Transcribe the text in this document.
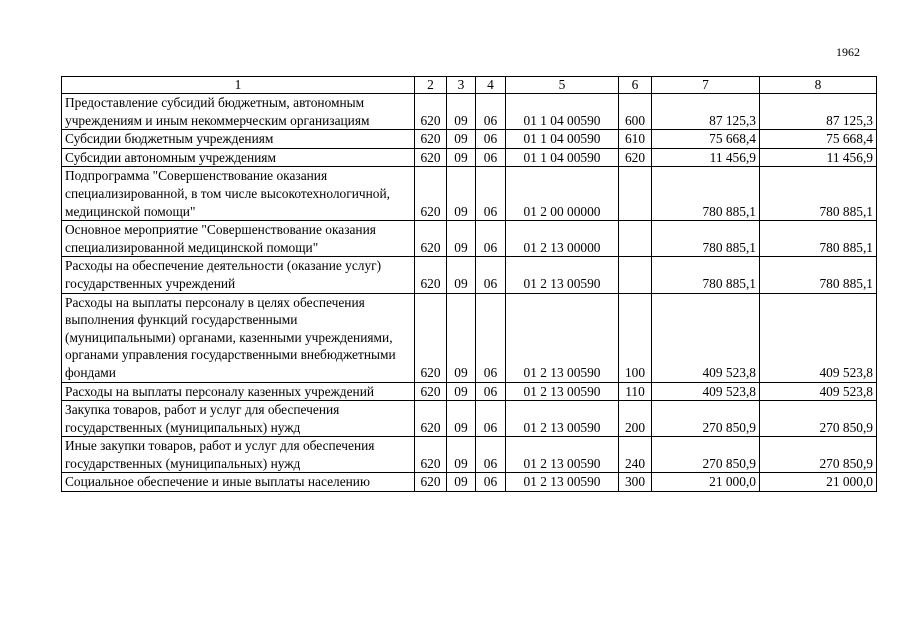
1962
1	2	3	4	5	6	7	8
Предоставление субсидий бюджетным, автономным учреждениям и иным некоммерческим организациям	620	09	06	01 1 04 00590	600	87 125,3	87 125,3
Субсидии бюджетным учреждениям	620	09	06	01 1 04 00590	610	75 668,4	75 668,4
Субсидии автономным учреждениям	620	09	06	01 1 04 00590	620	11 456,9	11 456,9
Подпрограмма "Совершенствование оказания специализированной, в том числе высокотехнологичной, медицинской помощи"	620	09	06	01 2 00 00000		780 885,1	780 885,1
Основное мероприятие "Совершенствование оказания специализированной медицинской помощи"	620	09	06	01 2 13 00000		780 885,1	780 885,1
Расходы на обеспечение деятельности (оказание услуг) государственных учреждений	620	09	06	01 2 13 00590		780 885,1	780 885,1
Расходы на выплаты персоналу в целях обеспечения выполнения функций государственными (муниципальными) органами, казенными учреждениями, органами управления государственными внебюджетными фондами	620	09	06	01 2 13 00590	100	409 523,8	409 523,8
Расходы на выплаты персоналу казенных учреждений	620	09	06	01 2 13 00590	110	409 523,8	409 523,8
Закупка товаров, работ и услуг для обеспечения государственных (муниципальных) нужд	620	09	06	01 2 13 00590	200	270 850,9	270 850,9
Иные закупки товаров, работ и услуг для обеспечения государственных (муниципальных) нужд	620	09	06	01 2 13 00590	240	270 850,9	270 850,9
Социальное обеспечение и иные выплаты населению	620	09	06	01 2 13 00590	300	21 000,0	21 000,0
